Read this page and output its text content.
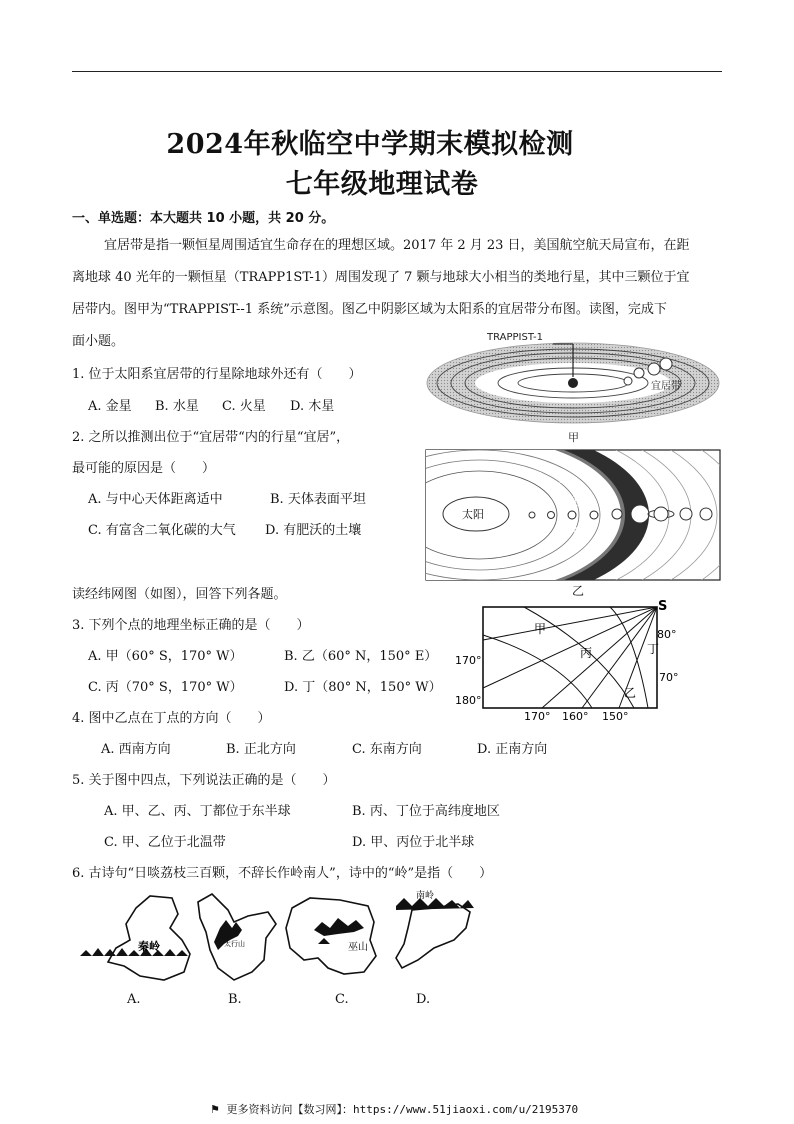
2024年秋临空中学期末模拟检测
七年级地理试卷
一、单选题：本大题共 10 小题，共 20 分。
宜居带是指一颗恒星周围适宜生命存在的理想区域。2017 年 2 月 23 日，美国航空航天局宣布，在距
离地球 40 光年的一颗恒星（TRAPP1ST-1）周围发现了 7 颗与地球大小相当的类地行星，其中三颗位于宜
居带内。图甲为“TRAPPIST--1 系统”示意图。图乙中阴影区域为太阳系的宜居带分布图。读图，完成下
面小题。	TRAPPIST-1
宜居带
甲
太阳
宜
居
带
乙
1. 位于太阳系宜居带的行星除地球外还有（　　）
A. 金星 B. 水星 C. 火星 D. 木星
2. 之所以推测出位于“宜居带“内的行星“宜居”，
最可能的原因是（　　）
A. 与中心天体距离适中	B. 天体表面平坦
C. 有富含二氧化碳的大气 D. 有肥沃的土壤
读经纬网图（如图），回答下列各题。
S
80°
70°
170°
180°
170° 160° 150°
甲
丙	丁
乙
3. 下列个点的地理坐标正确的是（　　）
A. 甲（60° S，170° W）	B. 乙（60° N，150° E）
C. 丙（70° S，170° W）	D. 丁（80° N，150° W）
4. 图中乙点在丁点的方向（　　）
A. 西南方向	B. 正北方向	C. 东南方向	D. 正南方向
5. 关于图中四点，下列说法正确的是（　　）
A. 甲、乙、丙、丁都位于东半球	B. 丙、丁位于高纬度地区
C. 甲、乙位于北温带	D. 甲、丙位于北半球
6. 古诗句“日啖荔枝三百颗，不辞长作岭南人”，诗中的“岭”是指（　　）
秦岭	太行山	巫山
南岭
A.	B.	C.	D.
⚑ 更多资料访问【数习网】：https://www.51jiaoxi.com/u/2195370
